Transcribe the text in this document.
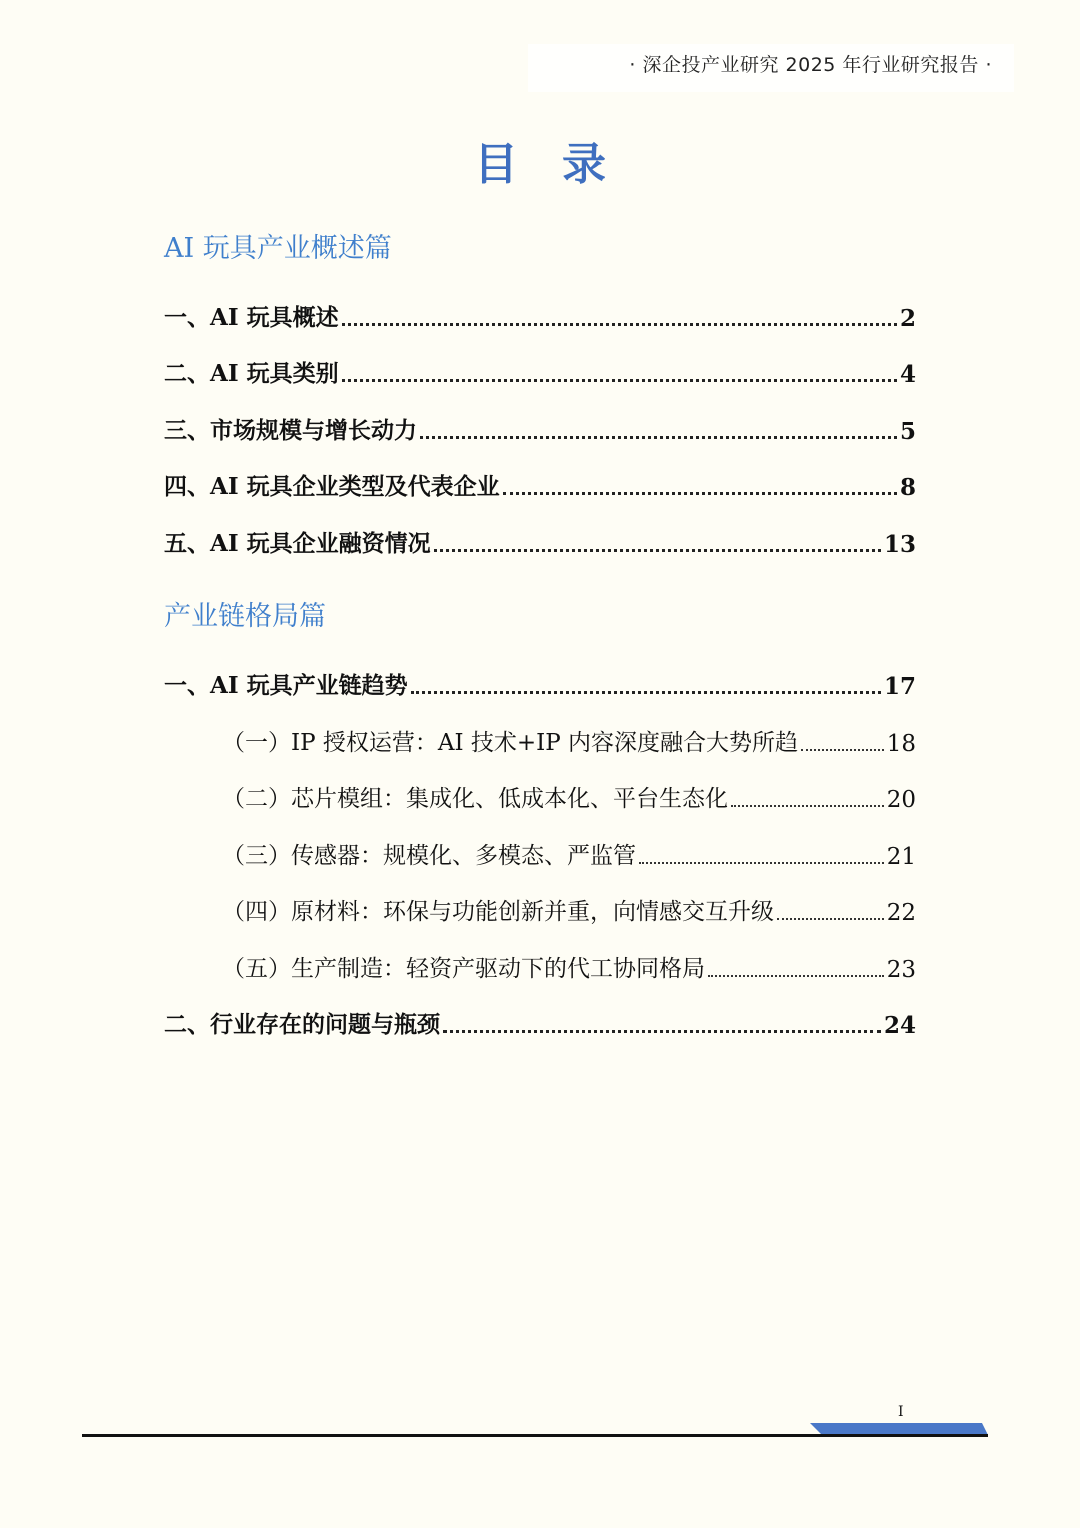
· 深企投产业研究 2025 年行业研究报告 ·
目录
AI 玩具产业概述篇
一、AI 玩具概述	2
二、AI 玩具类别	4
三、市场规模与增长动力	5
四、AI 玩具企业类型及代表企业	8
五、AI 玩具企业融资情况	13
产业链格局篇
一、AI 玩具产业链趋势	17
（一）IP 授权运营：AI 技术+IP 内容深度融合大势所趋	18
（二）芯片模组：集成化、低成本化、平台生态化	20
（三）传感器：规模化、多模态、严监管	21
（四）原材料：环保与功能创新并重，向情感交互升级	22
（五）生产制造：轻资产驱动下的代工协同格局	23
二、行业存在的问题与瓶颈	24
I
